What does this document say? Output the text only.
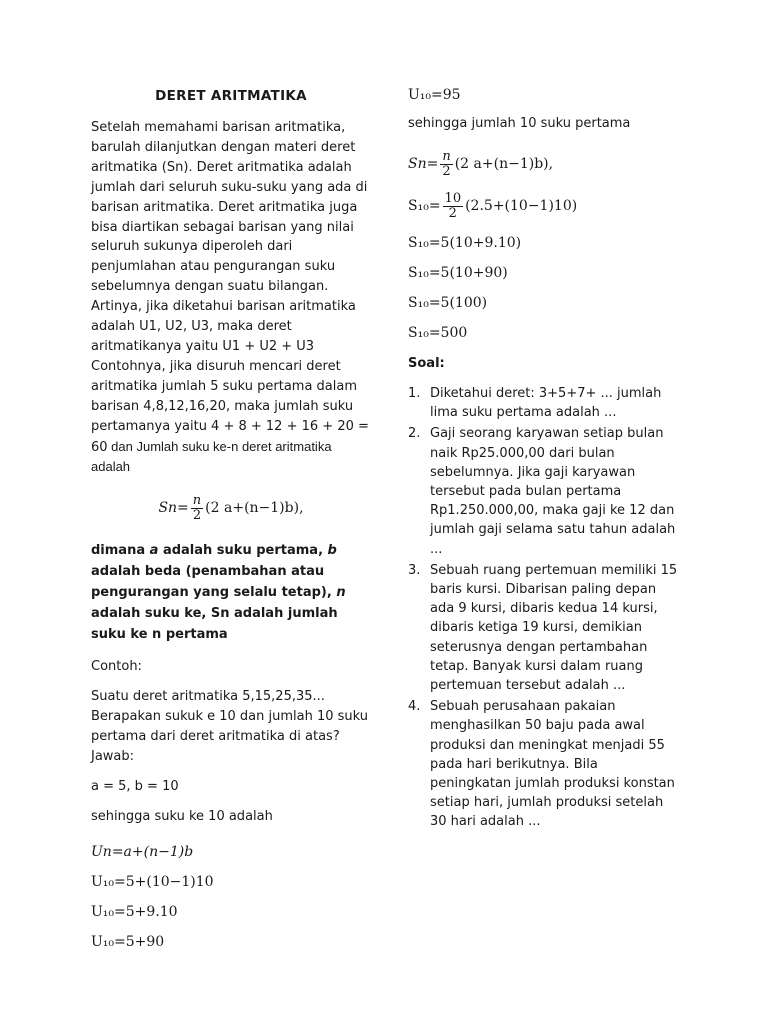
DERET ARITMATIKA

Setelah memahami barisan aritmatika, barulah dilanjutkan dengan materi deret aritmatika (Sn). Deret aritmatika adalah jumlah dari seluruh suku-suku yang ada di barisan aritmatika. Deret aritmatika juga bisa diartikan sebagai barisan yang nilai seluruh sukunya diperoleh dari penjumlahan atau pengurangan suku sebelumnya dengan suatu bilangan. Artinya, jika diketahui barisan aritmatika adalah U1, U2, U3, maka deret aritmatikanya yaitu U1 + U2 + U3 Contohnya, jika disuruh mencari deret aritmatika jumlah 5 suku pertama dalam barisan 4,8,12,16,20, maka jumlah suku pertamanya yaitu 4 + 8 + 12 + 16 + 20 = 60 dan Jumlah suku ke-n deret aritmatika adalah

$Sn= \frac{n}{2} (2$ a+(n−1)b),

dimana a adalah suku pertama, b adalah beda (penambahan atau pengurangan yang selalu tetap), n adalah suku ke, Sn adalah jumlah suku ke n pertama

Contoh:

Suatu deret aritmatika 5,15,25,35... Berapakan sukuk e 10 dan jumlah 10 suku pertama dari deret aritmatika di atas? Jawab:

a = 5, b = 10

sehingga suku ke 10 adalah

Un=a+(n−1)b
U₁₀=5+(10−1)10
U₁₀=5+9.10
U₁₀=5+90
U₁₀=95

sehingga jumlah 10 suku pertama

$Sn= \frac{n}{2} (2$ a+(n−1)b),
$S_{10}= \frac{10}{2} (2.5+(10-1)10)$
S₁₀=5(10+9.10)
S₁₀=5(10+90)
S₁₀=5(100)
S₁₀=500

Soal:

1. Diketahui deret: 3+5+7+ ... jumlah lima suku pertama adalah ...
2. Gaji seorang karyawan setiap bulan naik Rp25.000,00 dari bulan sebelumnya. Jika gaji karyawan tersebut pada bulan pertama Rp1.250.000,00, maka gaji ke 12 dan jumlah gaji selama satu tahun adalah ...
3. Sebuah ruang pertemuan memiliki 15 baris kursi. Dibarisan paling depan ada 9 kursi, dibaris kedua 14 kursi, dibaris ketiga 19 kursi, demikian seterusnya dengan pertambahan tetap. Banyak kursi dalam ruang pertemuan tersebut adalah ...
4. Sebuah perusahaan pakaian menghasilkan 50 baju pada awal produksi dan meningkat menjadi 55 pada hari berikutnya. Bila peningkatan jumlah produksi konstan setiap hari, jumlah produksi setelah 30 hari adalah ...
